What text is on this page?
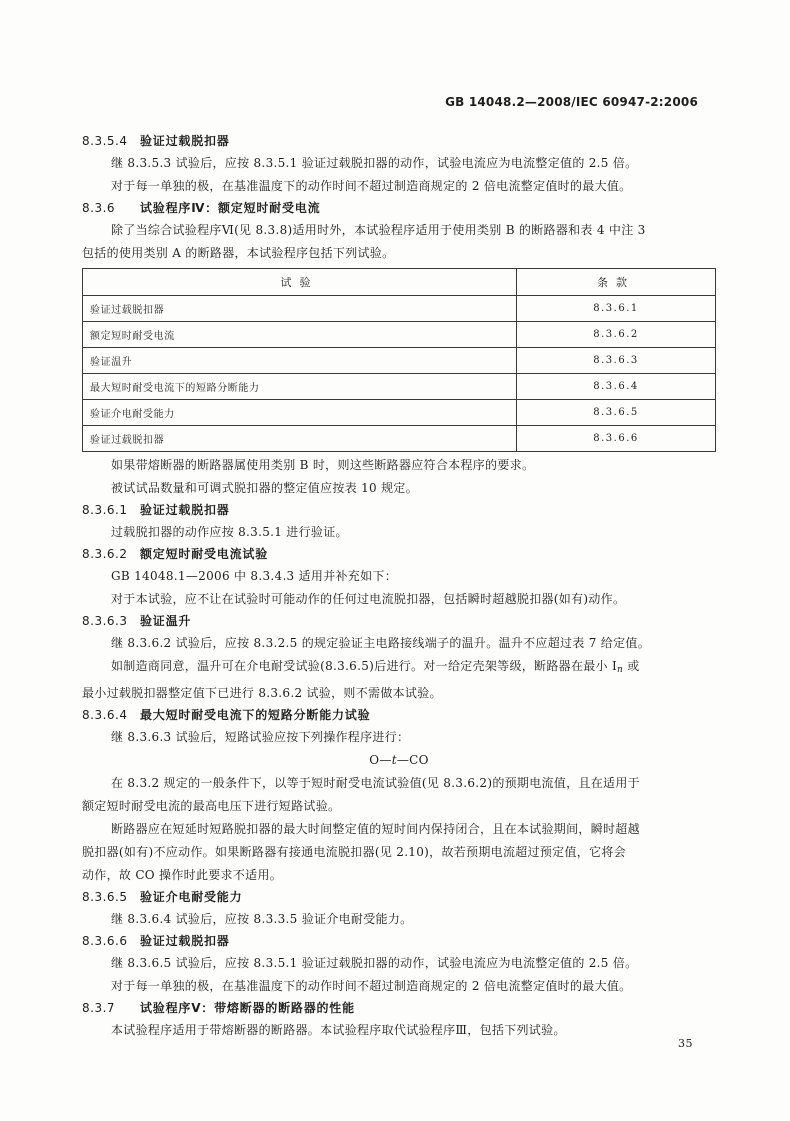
GB 14048.2—2008/IEC 60947-2:2006
8.3.5.4 验证过载脱扣器
继 8.3.5.3 试验后，应按 8.3.5.1 验证过载脱扣器的动作，试验电流应为电流整定值的 2.5 倍。
对于每一单独的极，在基准温度下的动作时间不超过制造商规定的 2 倍电流整定值时的最大值。
8.3.6 试验程序Ⅳ：额定短时耐受电流
除了当综合试验程序Ⅵ(见 8.3.8)适用时外，本试验程序适用于使用类别 B 的断路器和表 4 中注 3
包括的使用类别 A 的断路器，本试验程序包括下列试验。
试验	条款
验证过载脱扣器	8.3.6.1
额定短时耐受电流	8.3.6.2
验证温升	8.3.6.3
最大短时耐受电流下的短路分断能力	8.3.6.4
验证介电耐受能力	8.3.6.5
验证过载脱扣器	8.3.6.6
如果带熔断器的断路器属使用类别 B 时，则这些断路器应符合本程序的要求。
被试试品数量和可调式脱扣器的整定值应按表 10 规定。
8.3.6.1 验证过载脱扣器
过载脱扣器的动作应按 8.3.5.1 进行验证。
8.3.6.2 额定短时耐受电流试验
GB 14048.1—2006 中 8.3.4.3 适用并补充如下：
对于本试验，应不让在试验时可能动作的任何过电流脱扣器，包括瞬时超越脱扣器(如有)动作。
8.3.6.3 验证温升
继 8.3.6.2 试验后，应按 8.3.2.5 的规定验证主电路接线端子的温升。温升不应超过表 7 给定值。
如制造商同意，温升可在介电耐受试验(8.3.6.5)后进行。对一给定壳架等级，断路器在最小 $I_n$ 或
最小过载脱扣器整定值下已进行 8.3.6.2 试验，则不需做本试验。
8.3.6.4 最大短时耐受电流下的短路分断能力试验
继 8.3.6.3 试验后，短路试验应按下列操作程序进行：
O—t—CO
在 8.3.2 规定的一般条件下，以等于短时耐受电流试验值(见 8.3.6.2)的预期电流值，且在适用于
额定短时耐受电流的最高电压下进行短路试验。
断路器应在短延时短路脱扣器的最大时间整定值的短时间内保持闭合，且在本试验期间，瞬时超越
脱扣器(如有)不应动作。如果断路器有接通电流脱扣器(见 2.10)，故若预期电流超过预定值，它将会
动作，故 CO 操作时此要求不适用。
8.3.6.5 验证介电耐受能力
继 8.3.6.4 试验后，应按 8.3.3.5 验证介电耐受能力。
8.3.6.6 验证过载脱扣器
继 8.3.6.5 试验后，应按 8.3.5.1 验证过载脱扣器的动作，试验电流应为电流整定值的 2.5 倍。
对于每一单独的极，在基准温度下的动作时间不超过制造商规定的 2 倍电流整定值时的最大值。
8.3.7 试验程序Ⅴ：带熔断器的断路器的性能
本试验程序适用于带熔断器的断路器。本试验程序取代试验程序Ⅲ，包括下列试验。
35
